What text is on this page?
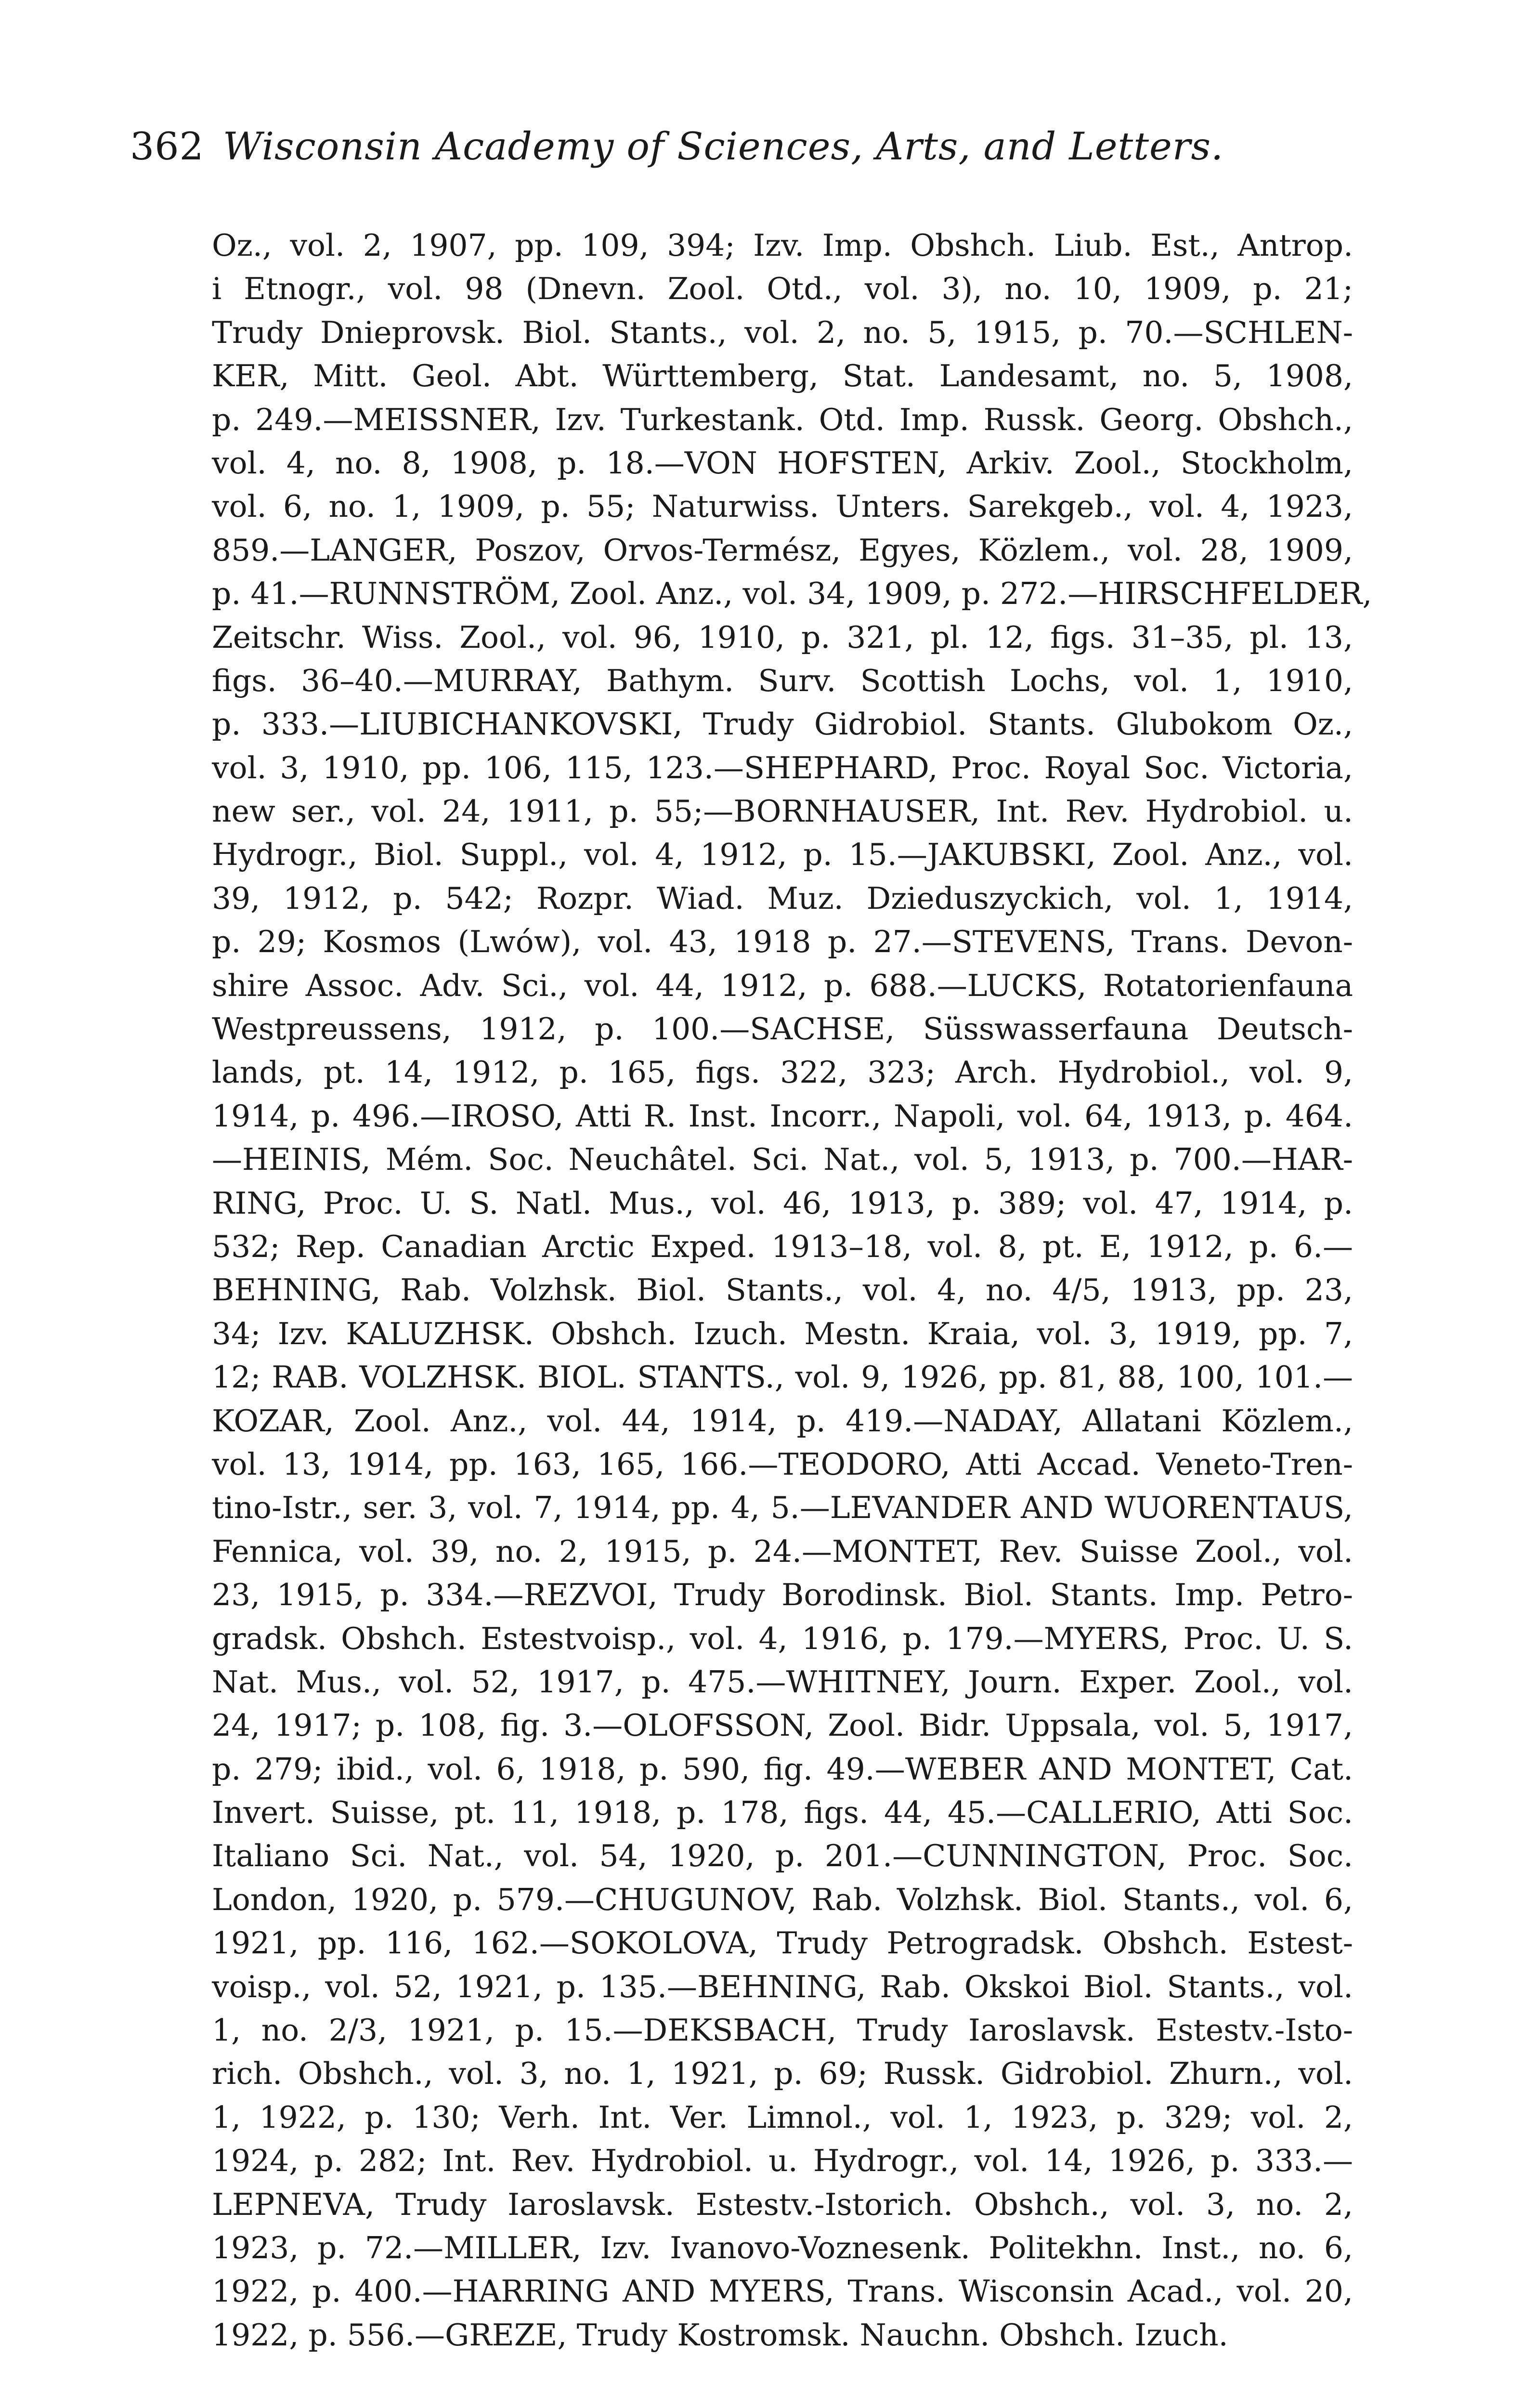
362 Wisconsin Academy of Sciences, Arts, and Letters.
Oz., vol. 2, 1907, pp. 109, 394; Izv. Imp. Obshch. Liub. Est., Antrop.
i Etnogr., vol. 98 (Dnevn. Zool. Otd., vol. 3), no. 10, 1909, p. 21;
Trudy Dnieprovsk. Biol. Stants., vol. 2, no. 5, 1915, p. 70.—SCHLEN-
KER, Mitt. Geol. Abt. Württemberg, Stat. Landesamt, no. 5, 1908,
p. 249.—MEISSNER, Izv. Turkestank. Otd. Imp. Russk. Georg. Obshch.,
vol. 4, no. 8, 1908, p. 18.—VON HOFSTEN, Arkiv. Zool., Stockholm,
vol. 6, no. 1, 1909, p. 55; Naturwiss. Unters. Sarekgeb., vol. 4, 1923,
859.—LANGER, Poszov, Orvos-Termész, Egyes, Közlem., vol. 28, 1909,
p. 41.—RUNNSTRÖM, Zool. Anz., vol. 34, 1909, p. 272.—HIRSCHFELDER,
Zeitschr. Wiss. Zool., vol. 96, 1910, p. 321, pl. 12, figs. 31–35, pl. 13,
figs. 36–40.—MURRAY, Bathym. Surv. Scottish Lochs, vol. 1, 1910,
p. 333.—LIUBICHANKOVSKI, Trudy Gidrobiol. Stants. Glubokom Oz.,
vol. 3, 1910, pp. 106, 115, 123.—SHEPHARD, Proc. Royal Soc. Victoria,
new ser., vol. 24, 1911, p. 55;—BORNHAUSER, Int. Rev. Hydrobiol. u.
Hydrogr., Biol. Suppl., vol. 4, 1912, p. 15.—JAKUBSKI, Zool. Anz., vol.
39, 1912, p. 542; Rozpr. Wiad. Muz. Dzieduszyckich, vol. 1, 1914,
p. 29; Kosmos (Lwów), vol. 43, 1918 p. 27.—STEVENS, Trans. Devon-
shire Assoc. Adv. Sci., vol. 44, 1912, p. 688.—LUCKS, Rotatorienfauna
Westpreussens, 1912, p. 100.—SACHSE, Süsswasserfauna Deutsch-
lands, pt. 14, 1912, p. 165, figs. 322, 323; Arch. Hydrobiol., vol. 9,
1914, p. 496.—IROSO, Atti R. Inst. Incorr., Napoli, vol. 64, 1913, p. 464.
—HEINIS, Mém. Soc. Neuchâtel. Sci. Nat., vol. 5, 1913, p. 700.—HAR-
RING, Proc. U. S. Natl. Mus., vol. 46, 1913, p. 389; vol. 47, 1914, p.
532; Rep. Canadian Arctic Exped. 1913–18, vol. 8, pt. E, 1912, p. 6.—
BEHNING, Rab. Volzhsk. Biol. Stants., vol. 4, no. 4/5, 1913, pp. 23,
34; Izv. KALUZHSK. Obshch. Izuch. Mestn. Kraia, vol. 3, 1919, pp. 7,
12; RAB. VOLZHSK. BIOL. STANTS., vol. 9, 1926, pp. 81, 88, 100, 101.—
KOZAR, Zool. Anz., vol. 44, 1914, p. 419.—NADAY, Allatani Közlem.,
vol. 13, 1914, pp. 163, 165, 166.—TEODORO, Atti Accad. Veneto-Tren-
tino-Istr., ser. 3, vol. 7, 1914, pp. 4, 5.—LEVANDER AND WUORENTAUS,
Fennica, vol. 39, no. 2, 1915, p. 24.—MONTET, Rev. Suisse Zool., vol.
23, 1915, p. 334.—REZVOI, Trudy Borodinsk. Biol. Stants. Imp. Petro-
gradsk. Obshch. Estestvoisp., vol. 4, 1916, p. 179.—MYERS, Proc. U. S.
Nat. Mus., vol. 52, 1917, p. 475.—WHITNEY, Journ. Exper. Zool., vol.
24, 1917; p. 108, fig. 3.—OLOFSSON, Zool. Bidr. Uppsala, vol. 5, 1917,
p. 279; ibid., vol. 6, 1918, p. 590, fig. 49.—WEBER AND MONTET, Cat.
Invert. Suisse, pt. 11, 1918, p. 178, figs. 44, 45.—CALLERIO, Atti Soc.
Italiano Sci. Nat., vol. 54, 1920, p. 201.—CUNNINGTON, Proc. Soc.
London, 1920, p. 579.—CHUGUNOV, Rab. Volzhsk. Biol. Stants., vol. 6,
1921, pp. 116, 162.—SOKOLOVA, Trudy Petrogradsk. Obshch. Estest-
voisp., vol. 52, 1921, p. 135.—BEHNING, Rab. Okskoi Biol. Stants., vol.
1, no. 2/3, 1921, p. 15.—DEKSBACH, Trudy Iaroslavsk. Estestv.-Isto-
rich. Obshch., vol. 3, no. 1, 1921, p. 69; Russk. Gidrobiol. Zhurn., vol.
1, 1922, p. 130; Verh. Int. Ver. Limnol., vol. 1, 1923, p. 329; vol. 2,
1924, p. 282; Int. Rev. Hydrobiol. u. Hydrogr., vol. 14, 1926, p. 333.—
LEPNEVA, Trudy Iaroslavsk. Estestv.-Istorich. Obshch., vol. 3, no. 2,
1923, p. 72.—MILLER, Izv. Ivanovo-Voznesenk. Politekhn. Inst., no. 6,
1922, p. 400.—HARRING AND MYERS, Trans. Wisconsin Acad., vol. 20,
1922, p. 556.—GREZE, Trudy Kostromsk. Nauchn. Obshch. Izuch.
